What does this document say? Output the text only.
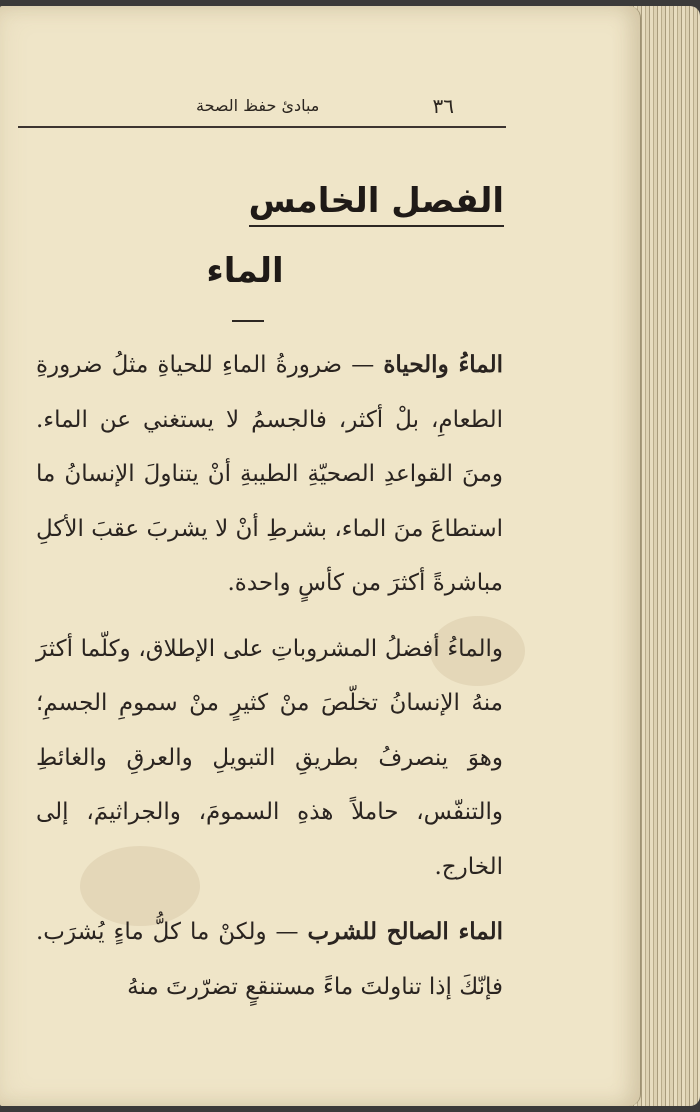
٣٦
مبادئ حفظ الصحة
الفصل الخامس
الماء

الماءُ والحياة — ضرورةُ الماءِ للحياةِ مثلُ ضرورةِ الطعامِ، بلْ أكثر، فالجسمُ لا يستغني عن الماء. ومنَ القواعدِ الصحيّةِ الطيبةِ أنْ يتناولَ الإنسانُ ما استطاعَ منَ الماء، بشرطِ أنْ لا يشربَ عقبَ الأكلِ مباشرةً أكثرَ من كأسٍ واحدة.

والماءُ أفضلُ المشروباتِ على الإطلاق، وكلّما أكثرَ منهُ الإنسانُ تخلّصَ منْ كثيرٍ منْ سمومِ الجسمِ؛ وهوَ ينصرفُ بطريقِ التبويلِ والعرقِ والغائطِ والتنفّس، حاملاً هذهِ السمومَ، والجراثيمَ، إلى الخارج.

الماء الصالح للشرب — ولكنْ ما كلُّ ماءٍ يُشرَب. فإنّكَ إذا تناولتَ ماءً مستنقعٍ تضرّرتَ منهُ
